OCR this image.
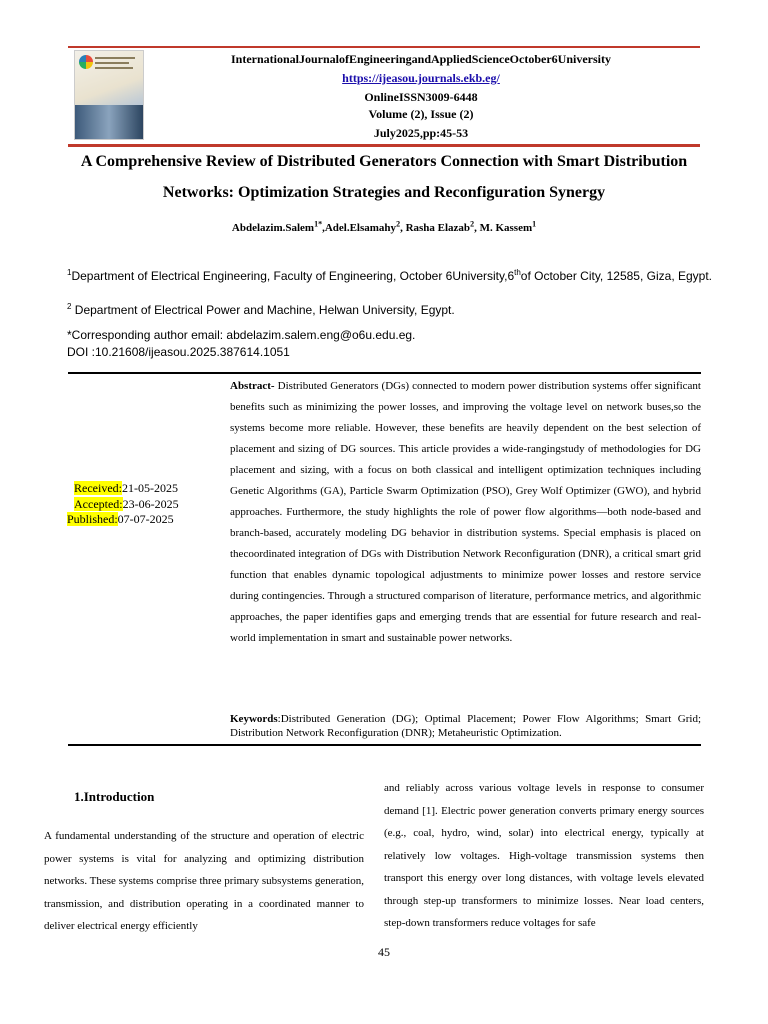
InternationalJournalofEngineeringandAppliedScienceOctober6University
https://ijeasou.journals.ekb.eg/
OnlineISSN3009-6448
Volume (2), Issue (2)
July2025,pp:45-53
A Comprehensive Review of Distributed Generators Connection with Smart Distribution
Networks: Optimization Strategies and Reconfiguration Synergy
Abdelazim.Salem$^{1*}$,Adel.Elsamahy$^2$, Rasha Elazab$^2$, M. Kassem$^1$
$^1$Department of Electrical Engineering, Faculty of Engineering, October 6University,6thof October City, 12585, Giza, Egypt.
$^2$ Department of Electrical Power and Machine, Helwan University, Egypt.
*Corresponding author email: abdelazim.salem.eng@o6u.edu.eg.
DOI :10.21608/ijeasou.2025.387614.1051
Received:21-05-2025
Accepted:23-06-2025
Published:07-07-2025
Abstract- Distributed Generators (DGs) connected to modern power distribution systems offer significant benefits such as minimizing the power losses, and improving the voltage level on network buses,so the systems become more reliable. However, these benefits are heavily dependent on the best selection of placement and sizing of DG sources. This article provides a wide-rangingstudy of methodologies for DG placement and sizing, with a focus on both classical and intelligent optimization techniques including Genetic Algorithms (GA), Particle Swarm Optimization (PSO), Grey Wolf Optimizer (GWO), and hybrid approaches. Furthermore, the study highlights the role of power flow algorithms—both node-based and branch-based, accurately modeling DG behavior in distribution systems. Special emphasis is placed on thecoordinated integration of DGs with Distribution Network Reconfiguration (DNR), a critical smart grid function that enables dynamic topological adjustments to minimize power losses and restore service during contingencies. Through a structured comparison of literature, performance metrics, and algorithmic approaches, the paper identifies gaps and emerging trends that are essential for future research and real-world implementation in smart and sustainable power networks.
Keywords:Distributed Generation (DG); Optimal Placement; Power Flow Algorithms; Smart Grid; Distribution Network Reconfiguration (DNR); Metaheuristic Optimization.
1.Introduction
A fundamental understanding of the structure and operation of electric power systems is vital for analyzing and optimizing distribution networks. These systems comprise three primary subsystems generation, transmission, and distribution operating in a coordinated manner to deliver electrical energy efficiently
and reliably across various voltage levels in response to consumer demand [1]. Electric power generation converts primary energy sources (e.g., coal, hydro, wind, solar) into electrical energy, typically at relatively low voltages. High-voltage transmission systems then transport this energy over long distances, with voltage levels elevated through step-up transformers to minimize losses. Near load centers, step-down transformers reduce voltages for safe
45
